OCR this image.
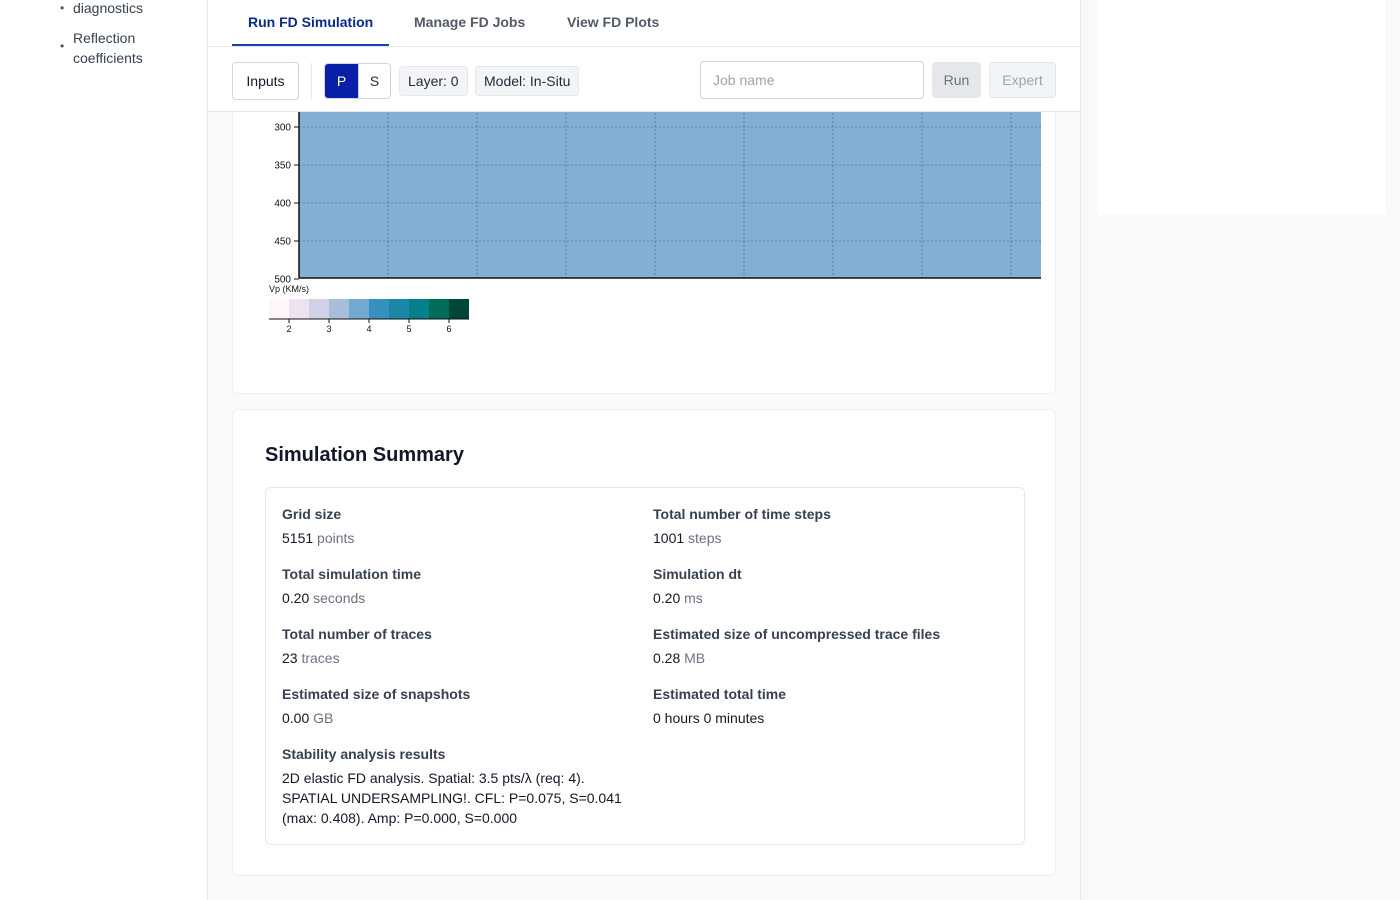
• diagnostics
• Reflection coefficients
300
350
400
450
500
Vp (KM/s)
2	3	4	5	6
Simulation Summary
Grid size
5151 points
Total number of time steps
1001 steps
Total simulation time
0.20 seconds
Simulation dt
0.20 ms
Total number of traces
23 traces
Estimated size of uncompressed trace files
0.28 MB
Estimated size of snapshots
0.00 GB
Estimated total time
0 hours 0 minutes
Stability analysis results
2D elastic FD analysis. Spatial: 3.5 pts/λ (req: 4). SPATIAL UNDERSAMPLING!. CFL: P=0.075, S=0.041 (max: 0.408). Amp: P=0.000, S=0.000
Run FD Simulation	Manage FD Jobs	View FD Plots
Inputs	P	S	Layer: 0	Model: In-Situ
Job name	Run	Expert
